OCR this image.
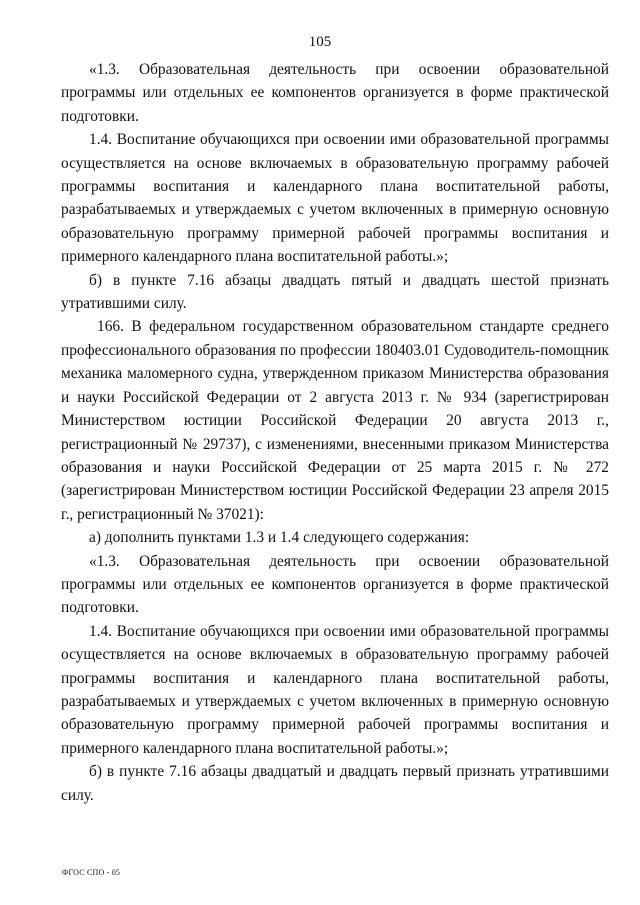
105

«1.3. Образовательная деятельность при освоении образовательной программы или отдельных ее компонентов организуется в форме практической подготовки.

1.4. Воспитание обучающихся при освоении ими образовательной программы осуществляется на основе включаемых в образовательную программу рабочей программы воспитания и календарного плана воспитательной работы, разрабатываемых и утверждаемых с учетом включенных в примерную основную образовательную программу примерной рабочей программы воспитания и примерного календарного плана воспитательной работы.»;

б) в пункте 7.16 абзацы двадцать пятый и двадцать шестой признать утратившими силу.

166. В федеральном государственном образовательном стандарте среднего профессионального образования по профессии 180403.01 Судоводитель-помощник механика маломерного судна, утвержденном приказом Министерства образования и науки Российской Федерации от 2 августа 2013 г. № 934 (зарегистрирован Министерством юстиции Российской Федерации 20 августа 2013 г., регистрационный № 29737), с изменениями, внесенными приказом Министерства образования и науки Российской Федерации от 25 марта 2015 г. № 272 (зарегистрирован Министерством юстиции Российской Федерации 23 апреля 2015 г., регистрационный № 37021):

а) дополнить пунктами 1.3 и 1.4 следующего содержания:

«1.3. Образовательная деятельность при освоении образовательной программы или отдельных ее компонентов организуется в форме практической подготовки.

1.4. Воспитание обучающихся при освоении ими образовательной программы осуществляется на основе включаемых в образовательную программу рабочей программы воспитания и календарного плана воспитательной работы, разрабатываемых и утверждаемых с учетом включенных в примерную основную образовательную программу примерной рабочей программы воспитания и примерного календарного плана воспитательной работы.»;

б) в пункте 7.16 абзацы двадцатый и двадцать первый признать утратившими силу.

ФГОС СПО - 05
